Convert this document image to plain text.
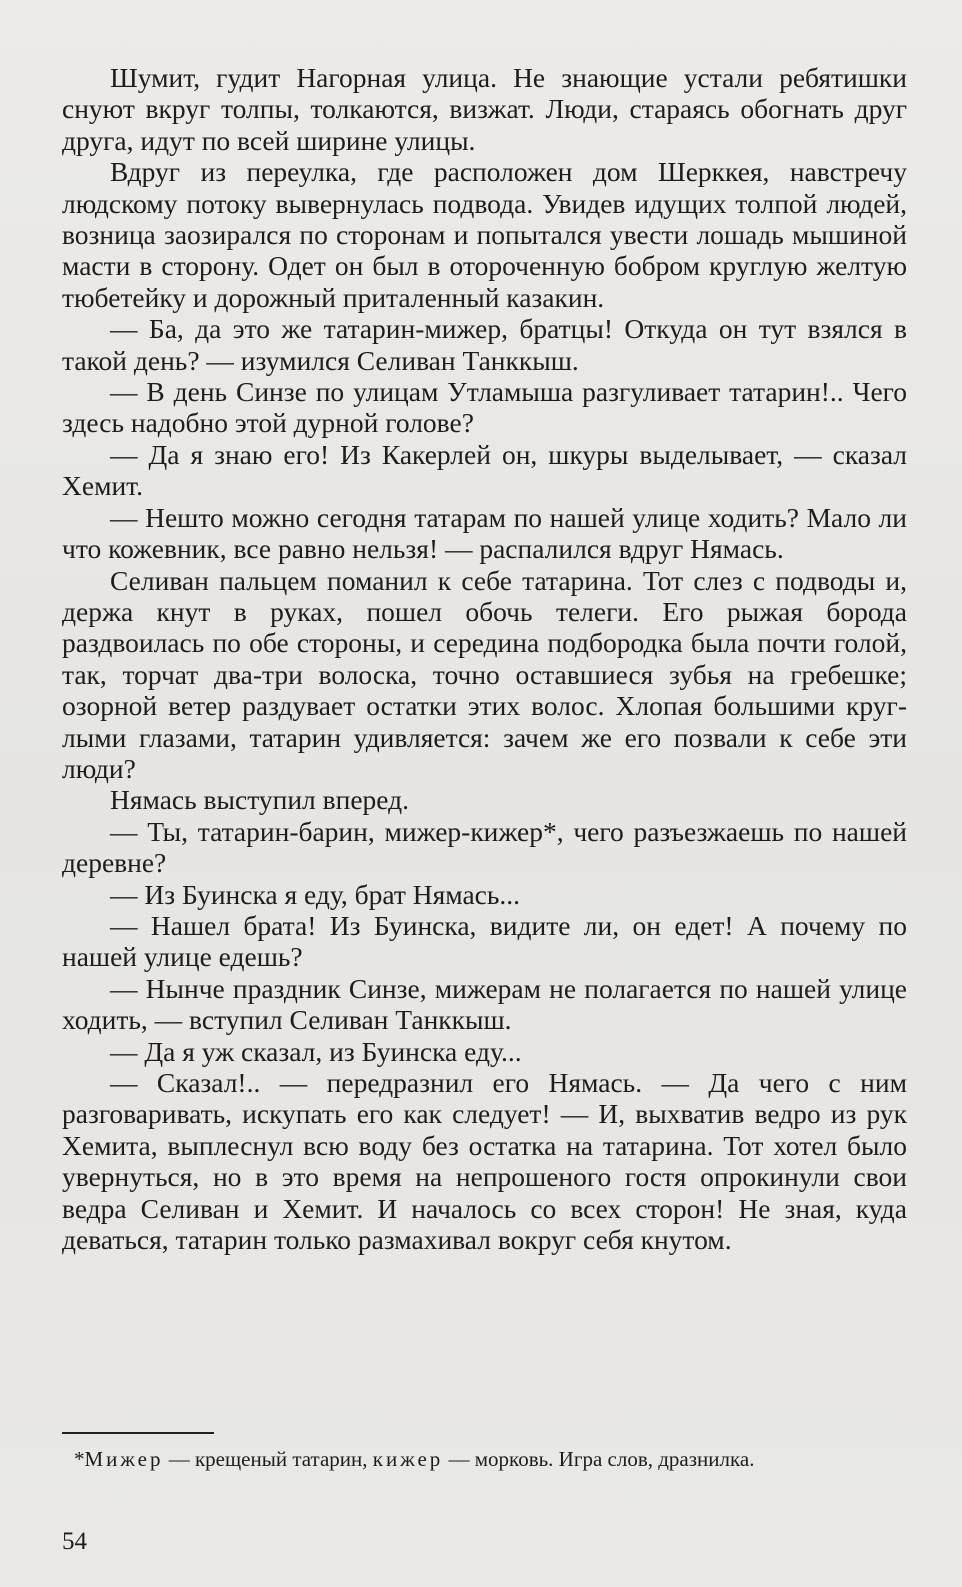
Шумит, гудит Нагорная улица. Не знающие устали ребятишки снуют вкруг толпы, толкаются, визжат. Люди, стараясь обогнать друг друга, идут по всей ширине улицы.

Вдруг из переулка, где расположен дом Шерккея, навстречу людскому потоку вывернулась подвода. Увидев идущих толпой людей, возница заозирался по сторонам и попытался увести лошадь мышиной масти в сторону. Одет он был в отороченную бобром круглую желтую тюбетейку и дорожный приталенный казакин.

— Ба, да это же татарин-мижер, братцы! Откуда он тут взялся в такой день? — изумился Селиван Танккыш.

— В день Синзе по улицам Утламыша разгуливает татарин!.. Чего здесь надобно этой дурной голове?

— Да я знаю его! Из Какерлей он, шкуры выделывает, — сказал Хемит.

— Нешто можно сегодня татарам по нашей улице ходить? Мало ли что кожевник, все равно нельзя! — распалился вдруг Нямась.

Селиван пальцем поманил к себе татарина. Тот слез с подводы и, держа кнут в руках, пошел обочь телеги. Его рыжая борода раздвоилась по обе стороны, и середина подбородка была почти голой, так, торчат два-три волоска, точно оставшиеся зубья на гребешке; озорной ветер раздувает остатки этих волос. Хлопая большими круглыми глазами, татарин удивляется: зачем же его позвали к себе эти люди?

Нямась выступил вперед.

— Ты, татарин-барин, мижер-кижер*, чего разъезжаешь по нашей деревне?

— Из Буинска я еду, брат Нямась...

— Нашел брата! Из Буинска, видите ли, он едет! А почему по нашей улице едешь?

— Нынче праздник Синзе, мижерам не полагается по нашей улице ходить, — вступил Селиван Танккыш.

— Да я уж сказал, из Буинска еду...

— Сказал!.. — передразнил его Нямась. — Да чего с ним разговаривать, искупать его как следует! — И, выхватив ведро из рук Хемита, выплеснул всю воду без остатка на татарина. Тот хотел было увернуться, но в это время на непрошеного гостя опрокинули свои ведра Селиван и Хемит. И началось со всех сторон! Не зная, куда деваться, татарин только размахивал вокруг себя кнутом.

*Мижер — крещеный татарин, кижер — морковь. Игра слов, дразнилка.
54
